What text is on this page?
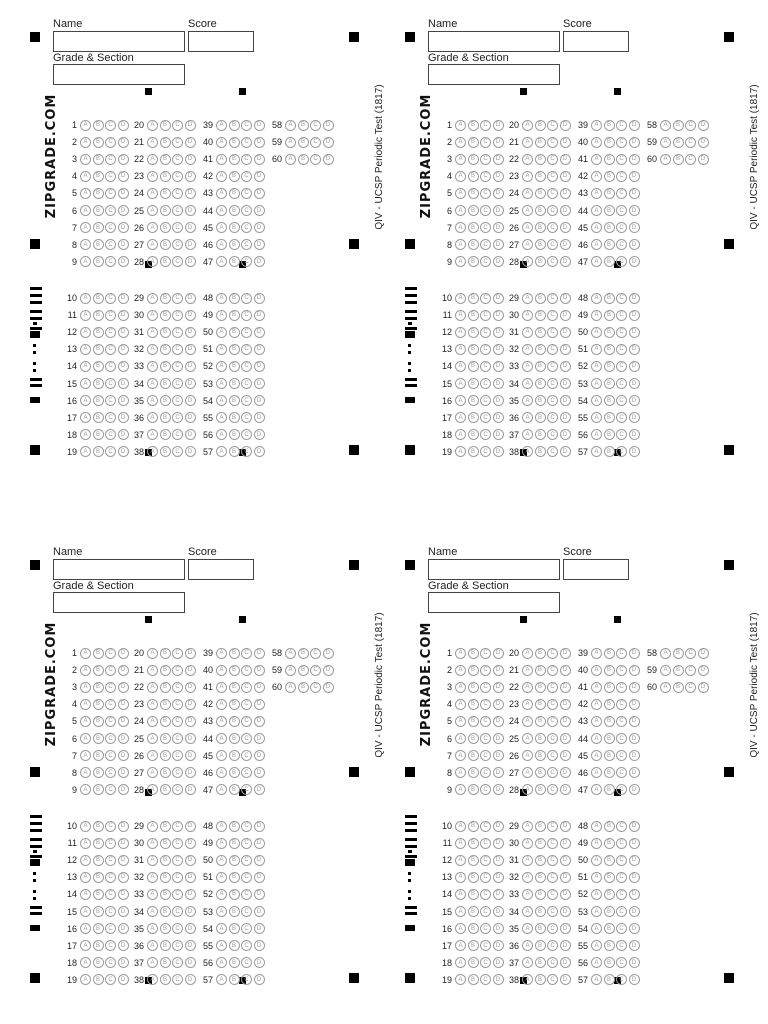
Name	Score
Grade & Section
ZIPGRADE.COM	QIV - UCSP Periodic Test (1817)
1	A	B	C	D 20	A	B	C	D	39	A	B	C	D	58	A	B	C	D
2	A	B	C	D 21	A	B	C	D	40	A	B	C	D	59	A	B	C	D
3	A	B	C	D 22	A	B	C	D	41	A	B	C	D	60	A	B	C	D
4	A	B	C	D 23	A	B	C	D	42	A	B	C	D
5	A	B	C	D 24	A	B	C	D	43	A	B	C	D
6	A	B	C	D 25	A	B	C	D	44	A	B	C	D
7	A	B	C	D 26	A	B	C	D	45	A	B	C	D
8	A	B	C	D 27	A	B	C	D	46	A	B	C	D
9	A	B	C	D 28	A	B	C	D	47	A	B	C	D
10	A	B	C	D 29	A	B	C	D	48	A	B	C	D
11	A	B	C	D 30	A	B	C	D	49	A	B	C	D
12	A	B	C	D 31	A	B	C	D	50	A	B	C	D
13	A	B	C	D 32	A	B	C	D	51	A	B	C	D
14	A	B	C	D 33	A	B	C	D	52	A	B	C	D
15	A	B	C	D 34	A	B	C	D	53	A	B	C	D
16	A	B	C	D 35	A	B	C	D	54	A	B	C	D
17	A	B	C	D 36	A	B	C	D	55	A	B	C	D
18	A	B	C	D 37	A	B	C	D	56	A	B	C	D
19	A	B	C	D 38	A	B	C	D	57	A	B	C	D
Name	Score
Grade & Section
ZIPGRADE.COM	QIV - UCSP Periodic Test (1817)
1	A	B	C	D 20	A	B	C	D	39	A	B	C	D	58	A	B	C	D
2	A	B	C	D 21	A	B	C	D	40	A	B	C	D	59	A	B	C	D
3	A	B	C	D 22	A	B	C	D	41	A	B	C	D	60	A	B	C	D
4	A	B	C	D 23	A	B	C	D	42	A	B	C	D
5	A	B	C	D 24	A	B	C	D	43	A	B	C	D
6	A	B	C	D 25	A	B	C	D	44	A	B	C	D
7	A	B	C	D 26	A	B	C	D	45	A	B	C	D
8	A	B	C	D 27	A	B	C	D	46	A	B	C	D
9	A	B	C	D 28	A	B	C	D	47	A	B	C	D
10	A	B	C	D 29	A	B	C	D	48	A	B	C	D
11	A	B	C	D 30	A	B	C	D	49	A	B	C	D
12	A	B	C	D 31	A	B	C	D	50	A	B	C	D
13	A	B	C	D 32	A	B	C	D	51	A	B	C	D
14	A	B	C	D 33	A	B	C	D	52	A	B	C	D
15	A	B	C	D 34	A	B	C	D	53	A	B	C	D
16	A	B	C	D 35	A	B	C	D	54	A	B	C	D
17	A	B	C	D 36	A	B	C	D	55	A	B	C	D
18	A	B	C	D 37	A	B	C	D	56	A	B	C	D
19	A	B	C	D 38	A	B	C	D	57	A	B	C	D
Name	Score
Grade & Section
ZIPGRADE.COM	QIV - UCSP Periodic Test (1817)
1	A	B	C	D 20	A	B	C	D	39	A	B	C	D	58	A	B	C	D
2	A	B	C	D 21	A	B	C	D	40	A	B	C	D	59	A	B	C	D
3	A	B	C	D 22	A	B	C	D	41	A	B	C	D	60	A	B	C	D
4	A	B	C	D 23	A	B	C	D	42	A	B	C	D
5	A	B	C	D 24	A	B	C	D	43	A	B	C	D
6	A	B	C	D 25	A	B	C	D	44	A	B	C	D
7	A	B	C	D 26	A	B	C	D	45	A	B	C	D
8	A	B	C	D 27	A	B	C	D	46	A	B	C	D
9	A	B	C	D 28	A	B	C	D	47	A	B	C	D
10	A	B	C	D 29	A	B	C	D	48	A	B	C	D
11	A	B	C	D 30	A	B	C	D	49	A	B	C	D
12	A	B	C	D 31	A	B	C	D	50	A	B	C	D
13	A	B	C	D 32	A	B	C	D	51	A	B	C	D
14	A	B	C	D 33	A	B	C	D	52	A	B	C	D
15	A	B	C	D 34	A	B	C	D	53	A	B	C	D
16	A	B	C	D 35	A	B	C	D	54	A	B	C	D
17	A	B	C	D 36	A	B	C	D	55	A	B	C	D
18	A	B	C	D 37	A	B	C	D	56	A	B	C	D
19	A	B	C	D 38	A	B	C	D	57	A	B	C	D
Name	Score
Grade & Section
ZIPGRADE.COM	QIV - UCSP Periodic Test (1817)
1	A	B	C	D 20	A	B	C	D	39	A	B	C	D	58	A	B	C	D
2	A	B	C	D 21	A	B	C	D	40	A	B	C	D	59	A	B	C	D
3	A	B	C	D 22	A	B	C	D	41	A	B	C	D	60	A	B	C	D
4	A	B	C	D 23	A	B	C	D	42	A	B	C	D
5	A	B	C	D 24	A	B	C	D	43	A	B	C	D
6	A	B	C	D 25	A	B	C	D	44	A	B	C	D
7	A	B	C	D 26	A	B	C	D	45	A	B	C	D
8	A	B	C	D 27	A	B	C	D	46	A	B	C	D
9	A	B	C	D 28	A	B	C	D	47	A	B	C	D
10	A	B	C	D 29	A	B	C	D	48	A	B	C	D
11	A	B	C	D 30	A	B	C	D	49	A	B	C	D
12	A	B	C	D 31	A	B	C	D	50	A	B	C	D
13	A	B	C	D 32	A	B	C	D	51	A	B	C	D
14	A	B	C	D 33	A	B	C	D	52	A	B	C	D
15	A	B	C	D 34	A	B	C	D	53	A	B	C	D
16	A	B	C	D 35	A	B	C	D	54	A	B	C	D
17	A	B	C	D 36	A	B	C	D	55	A	B	C	D
18	A	B	C	D 37	A	B	C	D	56	A	B	C	D
19	A	B	C	D 38	A	B	C	D	57	A	B	C	D
